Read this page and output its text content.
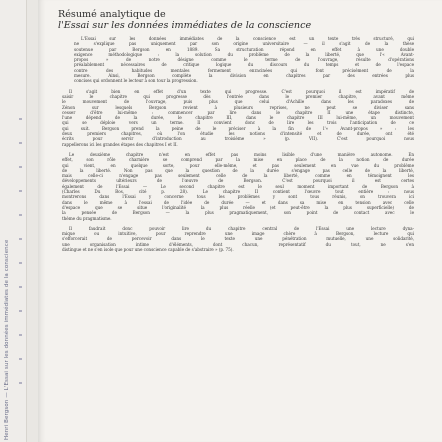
Henri Bergson — L'Essai sur les données immédiates de la conscience
Résumé analytique de
l'Essai sur les données immédiates de la conscience
L'Essai sur les données immédiates de la conscience est un texte très structuré, qui
ne s'explique pas uniquement par son origine universitaire — il s'agit de la thèse
soutenue par Bergson en 1889. Sa structuration répond en effet à une double
exigence méthodologique : la solution du problème de la liberté, que l'« Avant-
propos » de notre désigne comme le terme de l'ouvrage, résulte d'opérations
préalablement nécessaires de critique logique du discours du temps et de l'espace
contre des habitudes mentales fermement enracinées qui font précisément de la
mesure. Ainsi, Bergson complète la division en chapitres par des entrées plus
concises qui ordonnent le lecteur à son tour la progression.
Il s'agit bien en effet d'un texte qui progresse. C'est pourquoi il est impératif de
saisir le chapitre qui progresse dès l'entrée dans le premier chapitre, avant même
le mouvement de l'ouvrage, puis plus que celui d'Achille dans les paradoxes de
Zénon sur lesquels Bergson revient à plusieurs reprises, ne peut se diviser sans
cesser d'être lui-même : commencer par lire dans le chapitre II une étape distincte,
l'une dépend de la durée, le chapitre III, dans le chapitre III lui-même, un mouvement
qui se déploie vers un terme. Il convient donc de lire les trois l'anticipation de ce
qui suit. Bergson prend la peine de le préciser à la fin de l'« Avant-propos » : les
deux premiers chapitres, où l'on étudie les notions d'intensité et de durée, ont été
écrits pour servir d'introduction au troisième » (p. VII). C'est pourquoi nous
rappellerons ici les grandes étapes des chapitres I et II.
Le deuxième chapitre n'est en effet pas moins lisible d'une manière autonome. En
effet, son rôle charnière se comprend par la mise en place de la notion de durée
qui vient, en quelque sorte, pour elle-même, et pas seulement en vue du problème
de la liberté. Non pas que la question de la durée s'engage pas celle de la liberté,
mais celle-ci n'engage pas seulement celle de la liberté, comme en témoignent les
développements ultérieurs de l'œuvre de Bergson. C'est pourquoi il est certes
également de l'Essai — Le second chapitre est le seul moment important de Bergson à
(Charles Du Bos, cité p. 28). Le chapitre II contient l'œuvre tout entière : nous
montrerons dans l'Essai y concerne tous les problèmes y sont tous réunis, on trouvera ici
dans le même à l'essai de l'idée de durée — et dans sa mise en tension avec celle
d'espace que se situe l'originalité la plus réelle (et peut-être la plus superficielle) de
la pensée de Bergson — la plus pragmatiquement, son point de contact avec le
thème du pragmatisme.
Il faudrait donc pouvoir lire du chapitre central de l'Essai une lecture dyna-
mique ou intuitive, pour reprendre une image chère à Bergson, lecture qui
s'efforcerait de percevoir dans le texte une pénétration mutuelle, une solidarité,
une organisation intime d'éléments, dont chacun, représentatif du tout, ne s'en
distingue et ne s'en isole que pour une conscience capable de s'abstraire » (p. 75).
